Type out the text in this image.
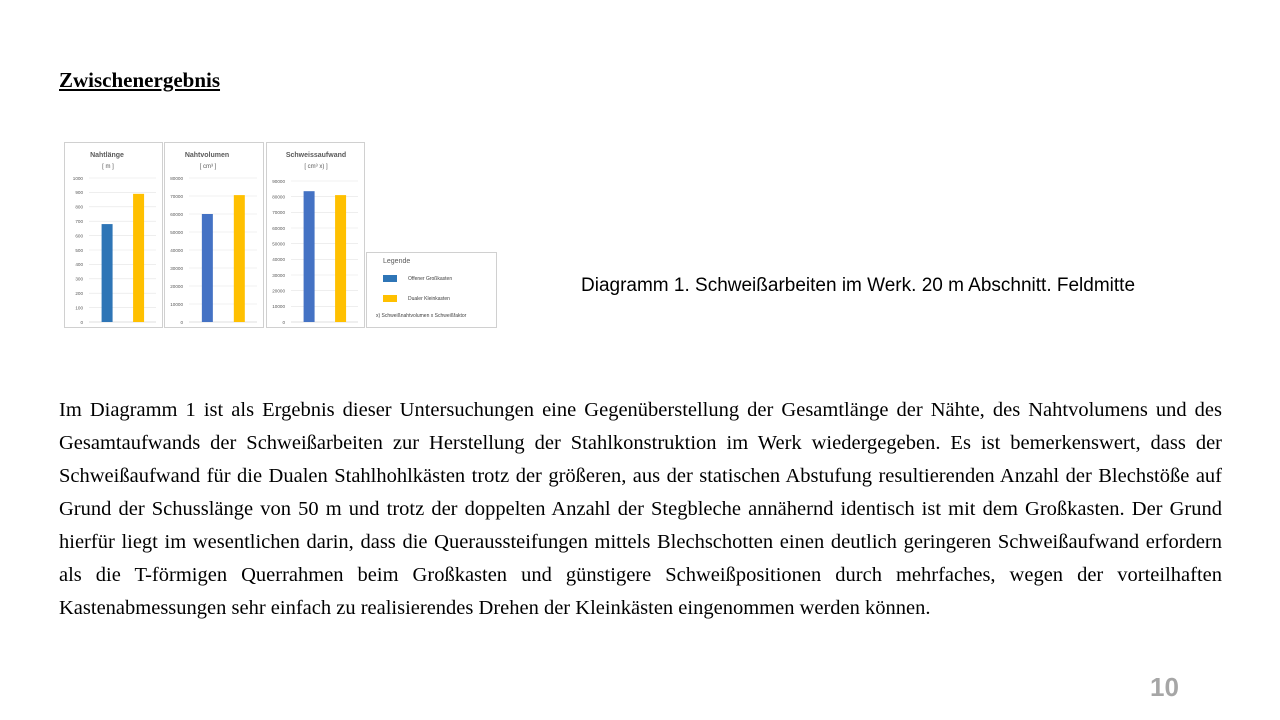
Zwischenergebnis
Nahtlänge
[ m ]
0
100
200
300
400
500
600
700
800
900
1000
Nahtvolumen
[ cm³ ]
0
10000
20000
30000
40000
50000
60000
70000
80000
Schweissaufwand
[ cm³ x) ]
0
10000
20000
30000
40000
50000
60000
70000
80000
90000
Legende
Offener Großkasten
Dualer Kleinkasten
x) Schweißnahtvolumen x Schweißfaktor
Diagramm 1. Schweißarbeiten im Werk. 20 m Abschnitt. Feldmitte
Im Diagramm 1 ist als Ergebnis dieser Untersuchungen eine Gegenüberstellung der Gesamtlänge der Nähte, des Nahtvolumens und des Gesamtaufwands der Schweißarbeiten zur Herstellung der Stahlkonstruktion im Werk wiedergegeben. Es ist bemerkenswert, dass der Schweißaufwand für die Dualen Stahlhohlkästen trotz der größeren, aus der statischen Abstufung resultierenden Anzahl der Blechstöße auf Grund der Schusslänge von 50 m und trotz der doppelten Anzahl der Stegbleche annähernd identisch ist mit dem Großkasten. Der Grund hierfür liegt im wesentlichen darin, dass die Queraussteifungen mittels Blechschotten einen deutlich geringeren Schweißaufwand erfordern als die T-förmigen Querrahmen beim Großkasten und günstigere Schweißpositionen durch mehrfaches, wegen der vorteilhaften Kastenabmessungen sehr einfach zu realisierendes Drehen der Kleinkästen eingenommen werden können.
10
